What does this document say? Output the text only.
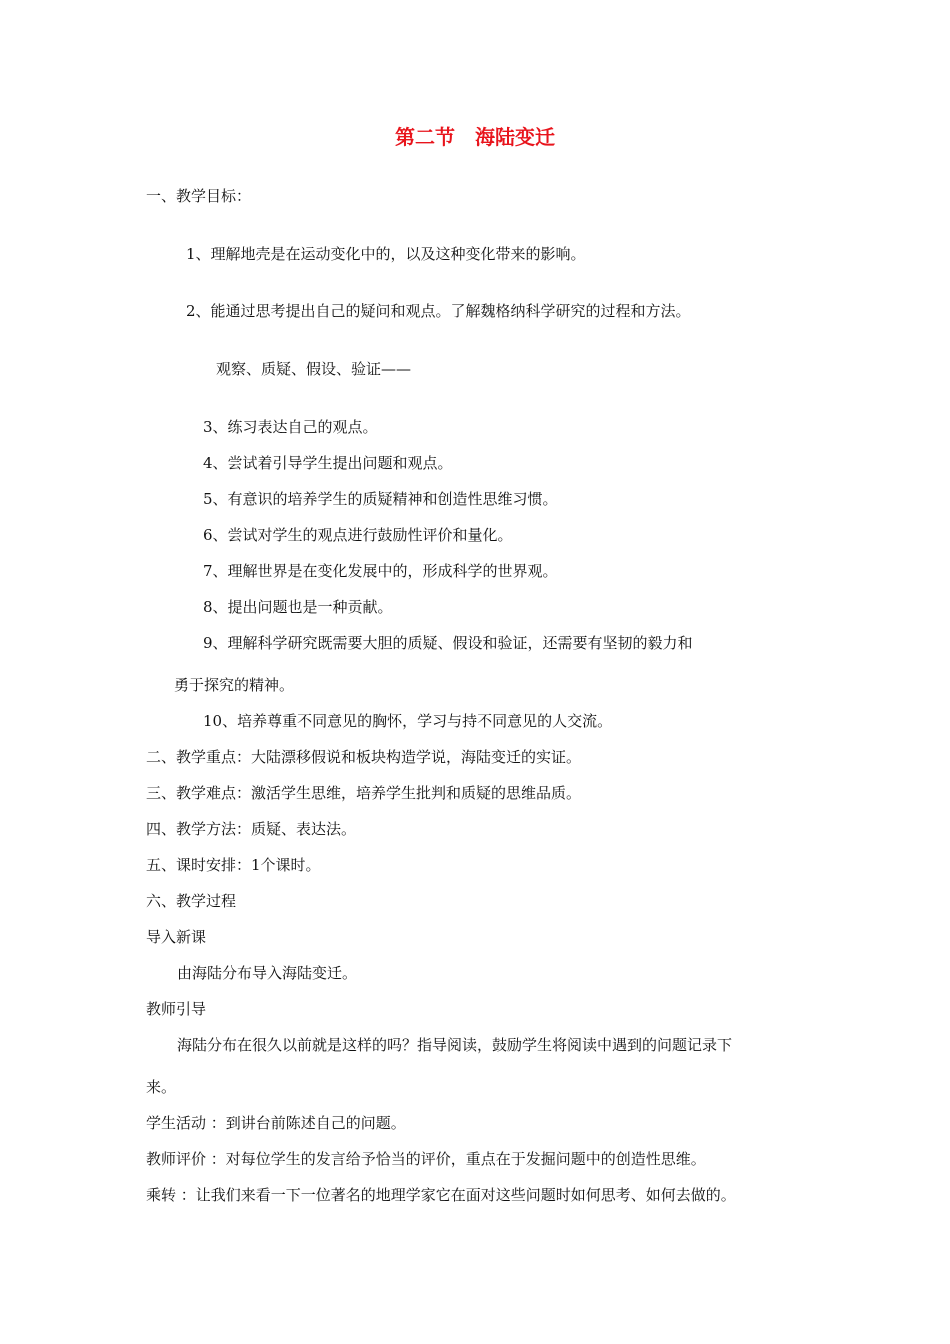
第二节　海陆变迁
一、教学目标：
1、理解地壳是在运动变化中的，以及这种变化带来的影响。
2、能通过思考提出自己的疑问和观点。了解魏格纳科学研究的过程和方法。
观察、质疑、假设、验证——
3、练习表达自己的观点。
4、尝试着引导学生提出问题和观点。
5、有意识的培养学生的质疑精神和创造性思维习惯。
6、尝试对学生的观点进行鼓励性评价和量化。
7、理解世界是在变化发展中的，形成科学的世界观。
8、提出问题也是一种贡献。
9、理解科学研究既需要大胆的质疑、假设和验证，还需要有坚韧的毅力和
勇于探究的精神。
10、培养尊重不同意见的胸怀，学习与持不同意见的人交流。
二、教学重点：大陆漂移假说和板块构造学说，海陆变迁的实证。
三、教学难点：激活学生思维，培养学生批判和质疑的思维品质。
四、教学方法：质疑、表达法。
五、课时安排：1个课时。
六、教学过程
导入新课
由海陆分布导入海陆变迁。
教师引导
海陆分布在很久以前就是这样的吗？指导阅读，鼓励学生将阅读中遇到的问题记录下
来。
学生活动 ：到讲台前陈述自己的问题。
教师评价 ：对每位学生的发言给予恰当的评价，重点在于发掘问题中的创造性思维。
乘转 ：让我们来看一下一位著名的地理学家它在面对这些问题时如何思考、如何去做的。
